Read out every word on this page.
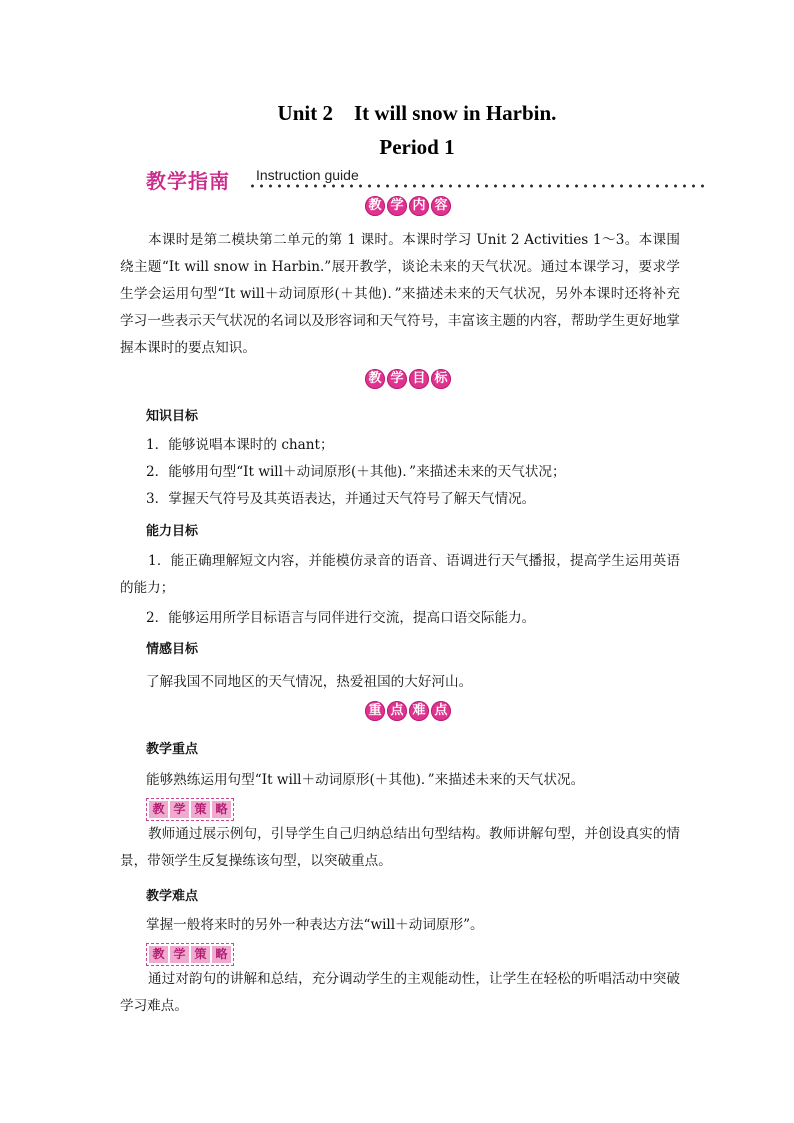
Unit 2　It will snow in Harbin.
Period 1
教学指南 Instruction guide
教 学 内 容
本课时是第二模块第二单元的第 1 课时。本课时学习 Unit 2 Activities 1～3。本课围绕主题“It will snow in Harbin.”展开教学，谈论未来的天气状况。通过本课学习，要求学生学会运用句型“It will＋动词原形(＋其他)．”来描述未来的天气状况，另外本课时还将补充学习一些表示天气状况的名词以及形容词和天气符号，丰富该主题的内容，帮助学生更好地掌握本课时的要点知识。
教 学 目 标
知识目标
1．能够说唱本课时的 chant；
2．能够用句型“It will＋动词原形(＋其他)．”来描述未来的天气状况；
3．掌握天气符号及其英语表达，并通过天气符号了解天气情况。
能力目标
1．能正确理解短文内容，并能模仿录音的语音、语调进行天气播报，提高学生运用英语的能力；
2．能够运用所学目标语言与同伴进行交流，提高口语交际能力。
情感目标
了解我国不同地区的天气情况，热爱祖国的大好河山。
重 点 难 点
教学重点
能够熟练运用句型“It will＋动词原形(＋其他)．”来描述未来的天气状况。
教 学 策 略
教师通过展示例句，引导学生自己归纳总结出句型结构。教师讲解句型，并创设真实的情景，带领学生反复操练该句型，以突破重点。
教学难点
掌握一般将来时的另外一种表达方法“will＋动词原形”。
教 学 策 略
通过对韵句的讲解和总结，充分调动学生的主观能动性，让学生在轻松的听唱活动中突破学习难点。
